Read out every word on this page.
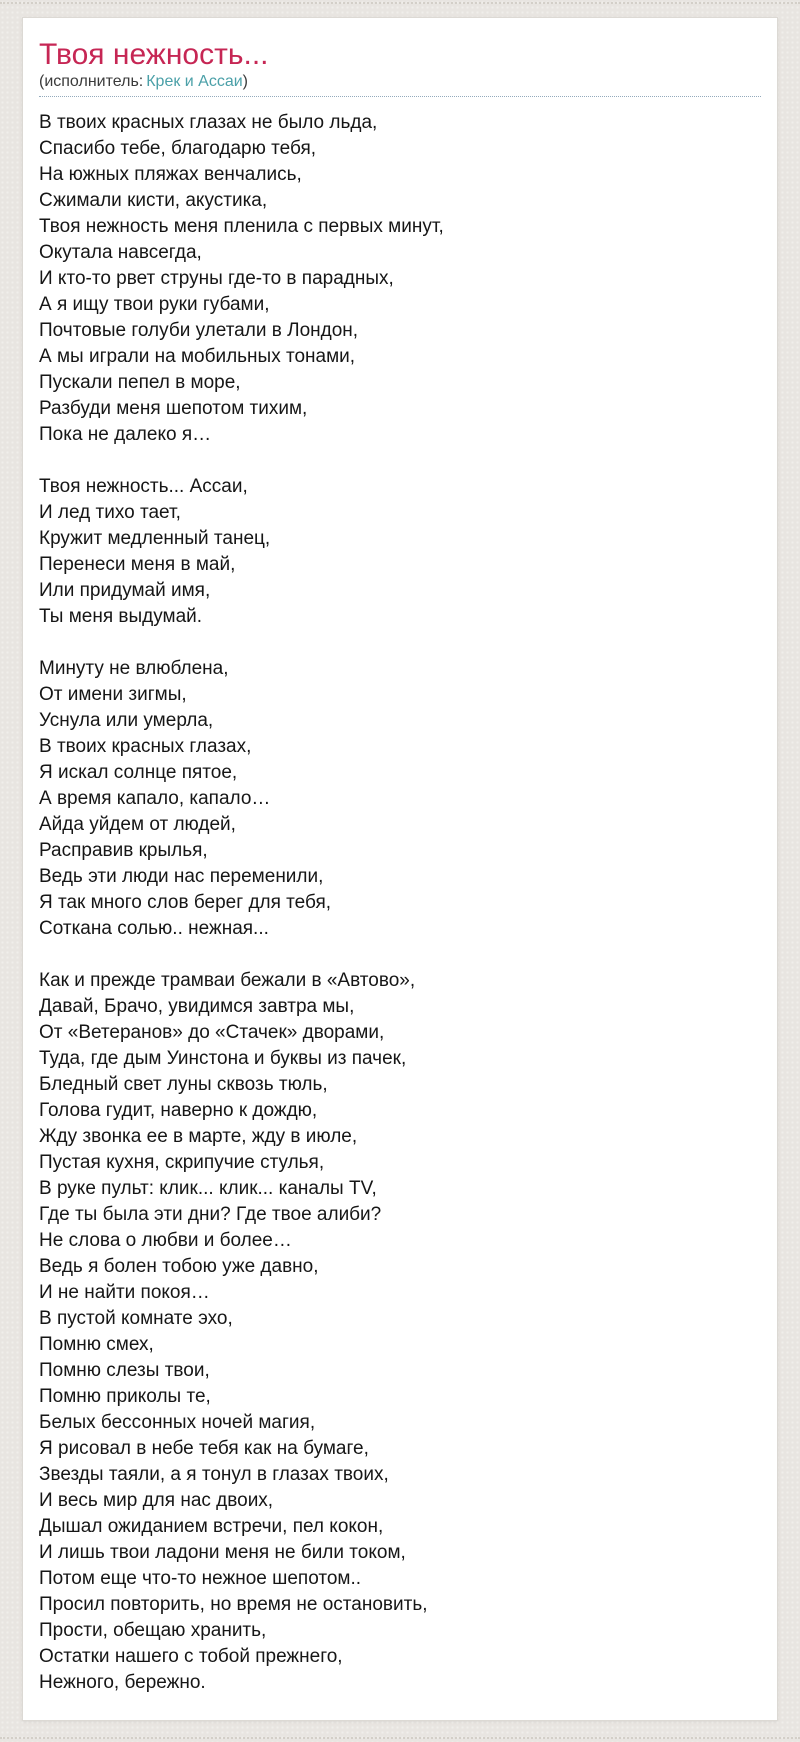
Твоя нежность...
(исполнитель: Крек и Ассаи)

В твоих красных глазах не было льда,
Спасибо тебе, благодарю тебя,
На южных пляжах венчались,
Сжимали кисти, акустика,
Твоя нежность меня пленила с первых минут,
Окутала навсегда,
И кто-то рвет струны где-то в парадных,
А я ищу твои руки губами,
Почтовые голуби улетали в Лондон,
А мы играли на мобильных тонами,
Пускали пепел в море,
Разбуди меня шепотом тихим,
Пока не далеко я…

Твоя нежность... Ассаи,
И лед тихо тает,
Кружит медленный танец,
Перенеси меня в май,
Или придумай имя,
Ты меня выдумай.

Минуту не влюблена,
От имени зигмы,
Уснула или умерла,
В твоих красных глазах,
Я искал солнце пятое,
А время капало, капало…
Айда уйдем от людей,
Расправив крылья,
Ведь эти люди нас переменили,
Я так много слов берег для тебя,
Соткана солью.. нежная...

Как и прежде трамваи бежали в «Автово»,
Давай, Брачо, увидимся завтра мы,
От «Ветеранов» до «Стачек» дворами,
Туда, где дым Уинстона и буквы из пачек,
Бледный свет луны сквозь тюль,
Голова гудит, наверно к дождю,
Жду звонка ее в марте, жду в июле,
Пустая кухня, скрипучие стулья,
В руке пульт: клик... клик... каналы TV,
Где ты была эти дни? Где твое алиби?
Не слова о любви и более…
Ведь я болен тобою уже давно,
И не найти покоя…
В пустой комнате эхо,
Помню смех,
Помню слезы твои,
Помню приколы те,
Белых бессонных ночей магия,
Я рисовал в небе тебя как на бумаге,
Звезды таяли, а я тонул в глазах твоих,
И весь мир для нас двоих,
Дышал ожиданием встречи, пел кокон,
И лишь твои ладони меня не били током,
Потом еще что-то нежное шепотом..
Просил повторить, но время не остановить,
Прости, обещаю хранить,
Остатки нашего с тобой прежнего,
Нежного, бережно.
